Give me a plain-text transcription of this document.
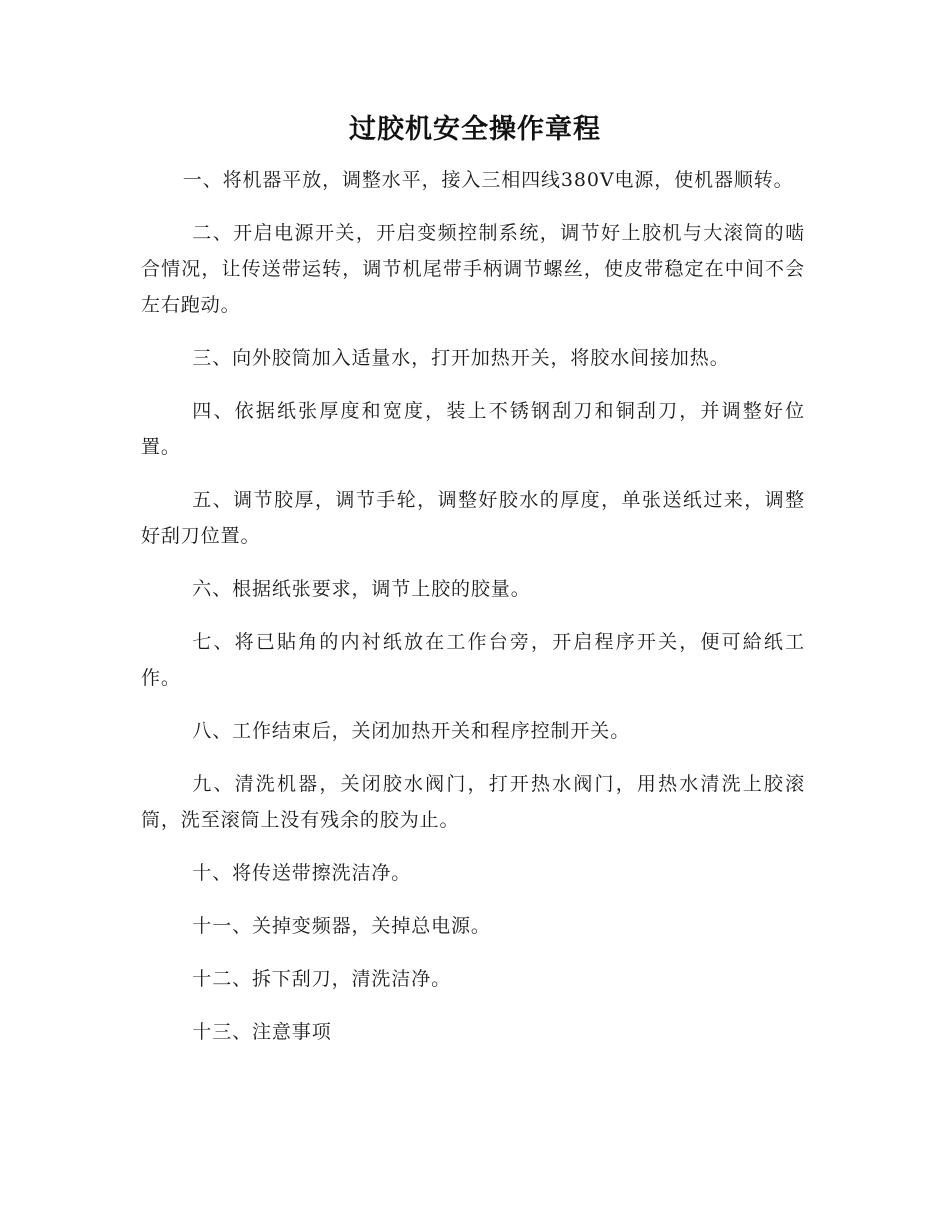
过胶机安全操作章程

一、将机器平放，调整水平，接入三相四线380V电源，使机器顺转。

二、开启电源开关，开启变频控制系统，调节好上胶机与大滚筒的啮合情况，让传送带运转，调节机尾带手柄调节螺丝，使皮带稳定在中间不会左右跑动。

三、向外胶筒加入适量水，打开加热开关，将胶水间接加热。

四、依据纸张厚度和宽度，装上不锈钢刮刀和铜刮刀，并调整好位置。

五、调节胶厚，调节手轮，调整好胶水的厚度，单张送纸过来，调整好刮刀位置。

六、根据纸张要求，调节上胶的胶量。

七、将已貼角的内衬纸放在工作台旁，开启程序开关，便可給纸工作。

八、工作结束后，关闭加热开关和程序控制开关。

九、清洗机器，关闭胶水阀门，打开热水阀门，用热水清洗上胶滚筒，洗至滚筒上没有残余的胶为止。

十、将传送带擦洗洁净。

十一、关掉变频器，关掉总电源。

十二、拆下刮刀，清洗洁净。

十三、注意事项
